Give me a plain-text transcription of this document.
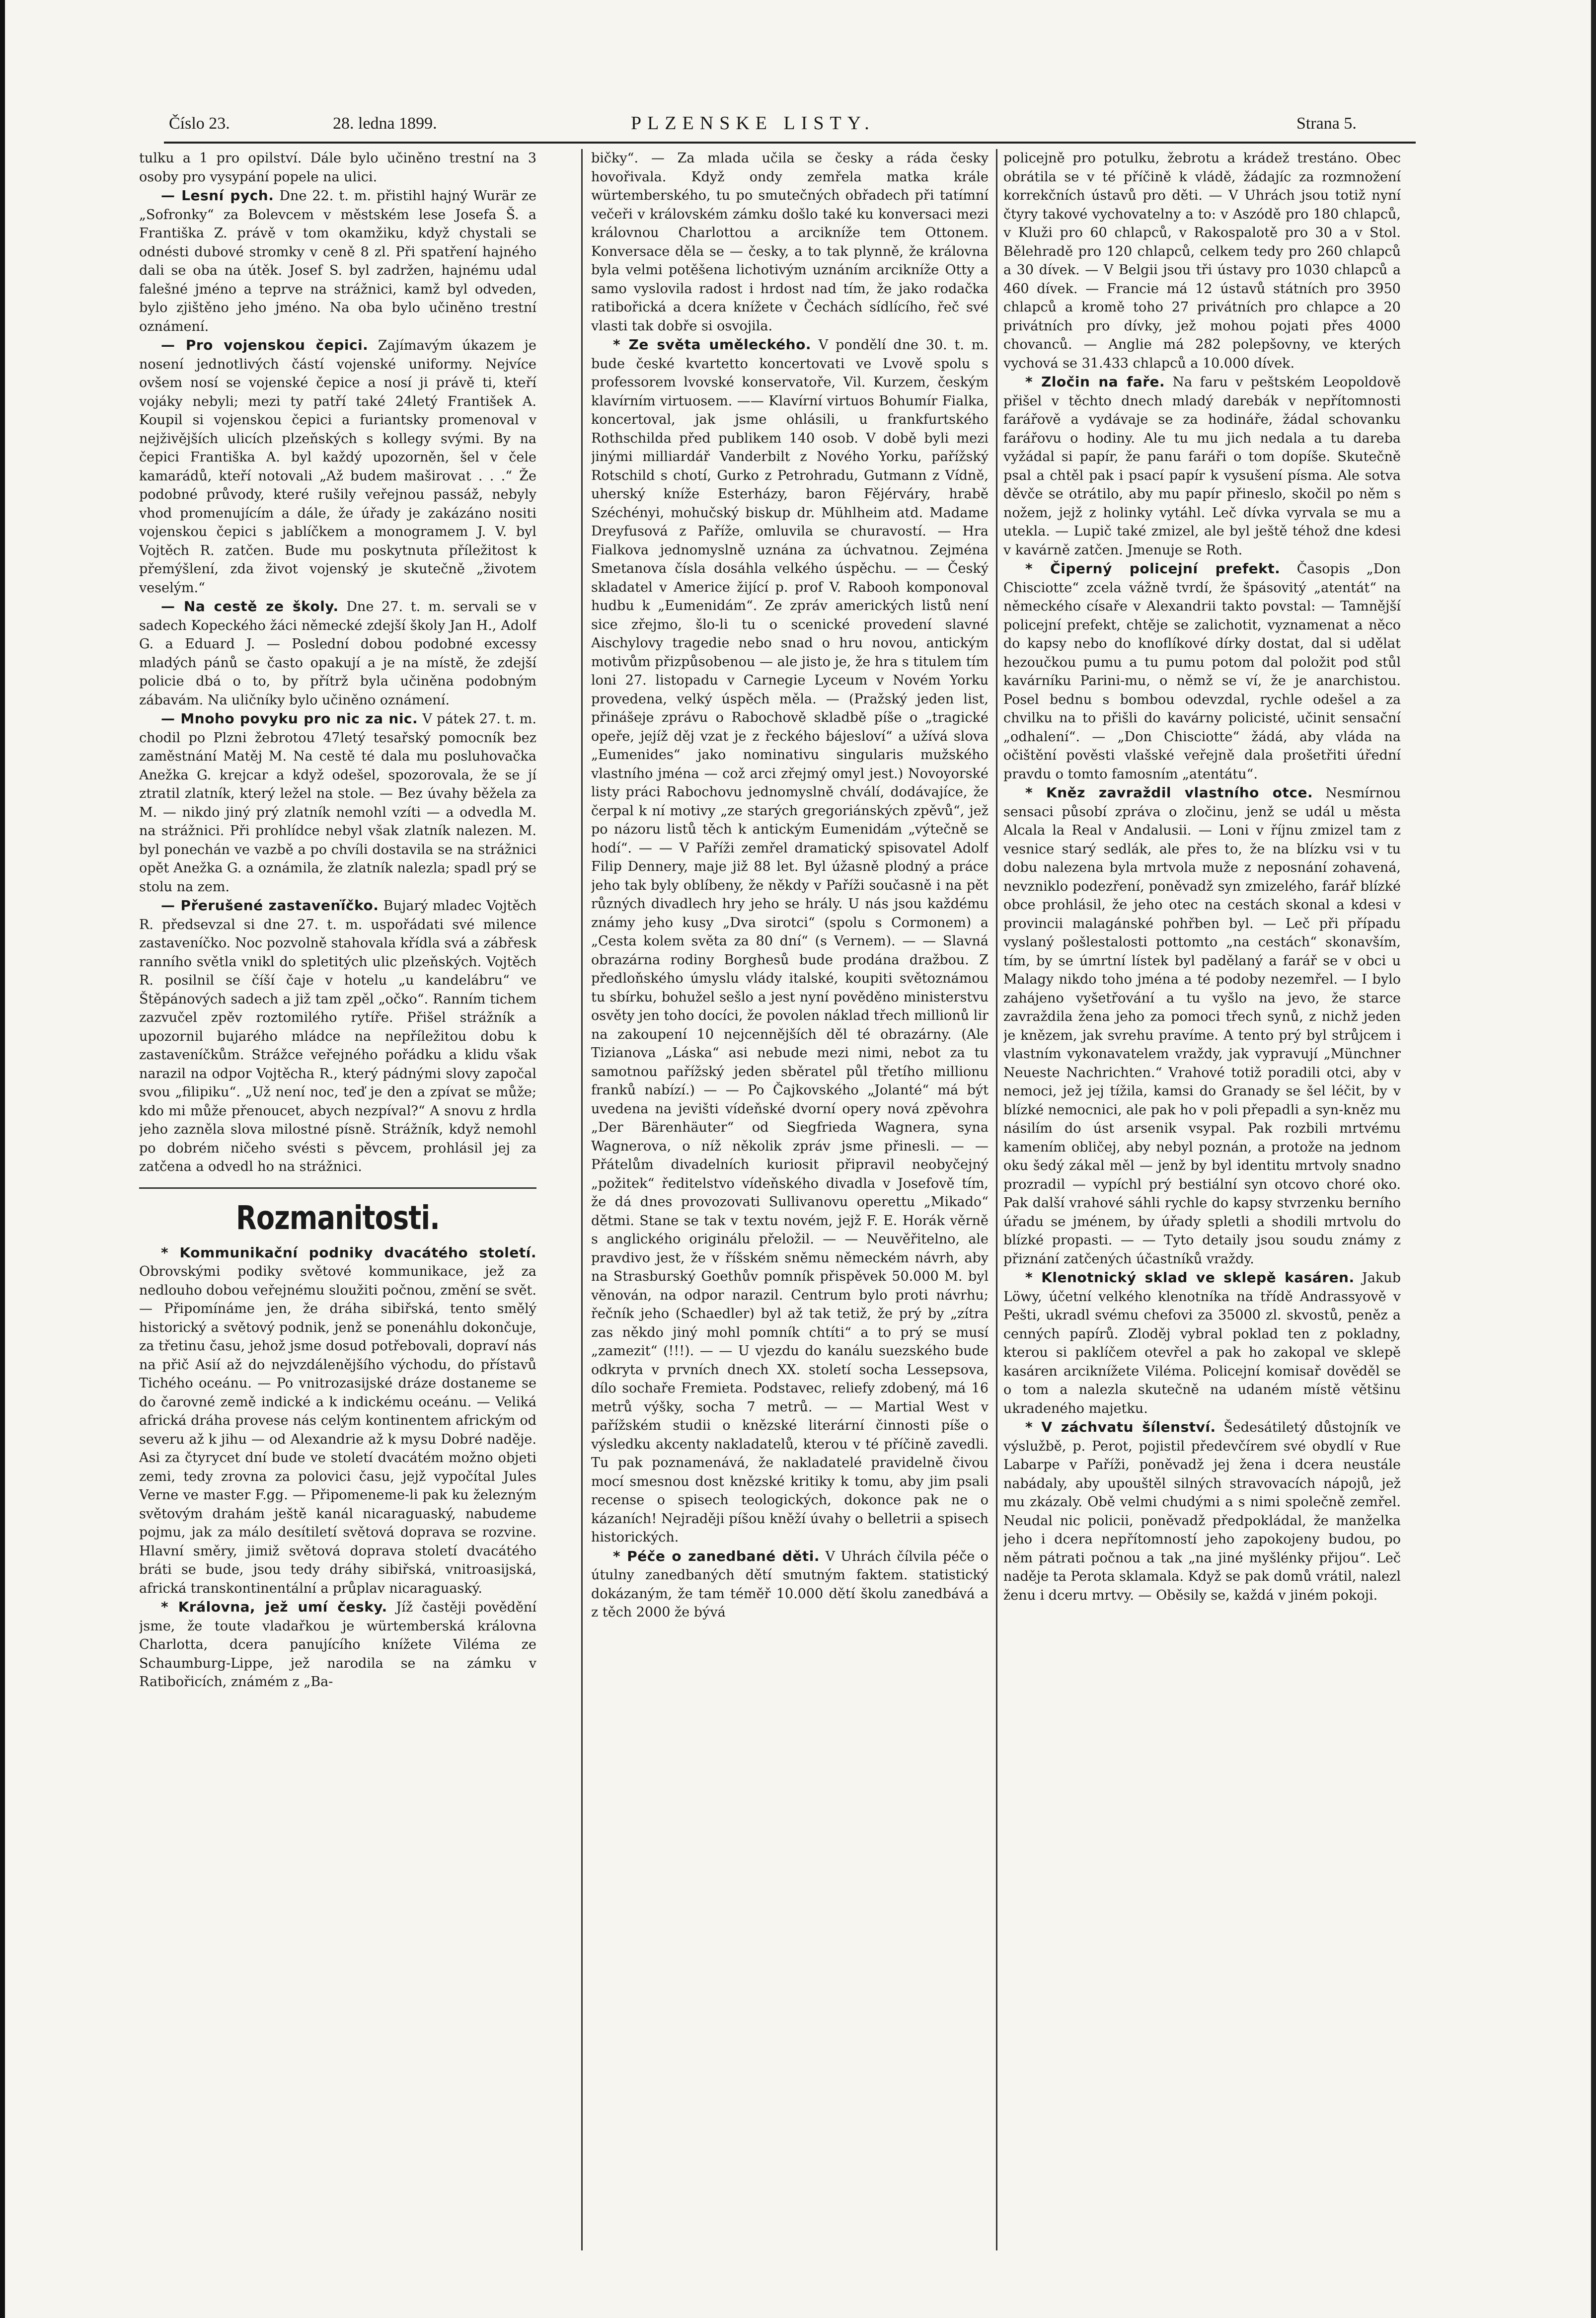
Číslo 23.	28. ledna 1899.	PLZENSKE LISTY.	Strana 5.

tulku a 1 pro opilství. Dále bylo učiněno trestní na 3 osoby pro vysypání popele na ulici.

— Lesní pych. Dne 22. t. m. přistihl hajný Wurär ze „Sofronky“ za Bolevcem v městském lese Josefa Š. a Františka Z. právě v tom okamžiku, když chystali se odnésti dubové stromky v ceně 8 zl. Při spatření hajného dali se oba na útěk. Josef S. byl zadržen, hajnému udal falešné jméno a teprve na strážnici, kamž byl odveden, bylo zjištěno jeho jméno. Na oba bylo učiněno trestní oznámení.

— Pro vojenskou čepici. Zajímavým úkazem je nosení jednotlivých částí vojenské uniformy. Nejvíce ovšem nosí se vojenské čepice a nosí ji právě ti, kteří vojáky nebyli; mezi ty patří také 24letý František A. Koupil si vojenskou čepici a furiantsky promenoval v nejživějších ulicích plzeňských s kollegy svými. By na čepici Františka A. byl každý upozorněn, šel v čele kamarádů, kteří notovali „Až budem maširovat . . .“ Že podobné průvody, které rušily veřejnou passáž, nebyly vhod promenujícím a dále, že úřady je zakázáno nositi vojenskou čepici s jablíčkem a monogramem J. V. byl Vojtěch R. zatčen. Bude mu poskytnuta příležitost k přemýšlení, zda život vojenský je skutečně „životem veselým.“

— Na cestě ze školy. Dne 27. t. m. servali se v sadech Kopeckého žáci německé zdejší školy Jan H., Adolf G. a Eduard J. — Poslední dobou podobné excessy mladých pánů se často opakují a je na místě, že zdejší policie dbá o to, by přítrž byla učiněna podobným zábavám. Na uličníky bylo učiněno oznámení.

— Mnoho povyku pro nic za nic. V pátek 27. t. m. chodil po Plzni žebrotou 47letý tesařský pomocník bez zaměstnání Matěj M. Na cestě té dala mu posluhovačka Anežka G. krejcar a když odešel, spozorovala, že se jí ztratil zlatník, který ležel na stole. — Bez úvahy běžela za M. — nikdo jiný prý zlatník nemohl vzíti — a odvedla M. na strážnici. Při prohlídce nebyl však zlatník nalezen. M. byl ponechán ve vazbě a po chvíli dostavila se na strážnici opět Anežka G. a oznámila, že zlatník nalezla; spadl prý se stolu na zem.

— Přerušené zastavení̈čko. Bujarý mladec Vojtěch R. předsevzal si dne 27. t. m. uspořádati své milence zastaveníčko. Noc pozvolně stahovala křídla svá a zábřesk ranního světla vnikl do spletitých ulic plzeňských. Vojtěch R. posilnil se číší čaje v hotelu „u kandelábru“ ve Štěpánových sadech a již tam zpěl „očko“. Ranním tichem zazvučel zpěv roztomilého rytíře. Přišel strážník a upozornil bujarého mládce na nepříležitou dobu k zastaveníčkům. Strážce veřejného pořádku a klidu však narazil na odpor Vojtěcha R., který pádnými slovy započal svou „filipiku“. „Už není noc, teď je den a zpívat se může; kdo mi může přenoucet, abych nezpíval?“ A snovu z hrdla jeho zazněla slova milostné písně. Strážník, když nemohl po dobrém ničeho svésti s pěvcem, prohlásil jej za zatčena a odvedl ho na strážnici.

Rozmanitosti.

* Kommunikační podniky dvacátého století. Obrovskými podiky světové kommunikace, jež za nedlouho dobou veřejnému sloužiti počnou, změní se svět. — Připomínáme jen, že dráha sibiřská, tento smělý historický a světový podnik, jenž se ponenáhlu dokončuje, za třetinu času, jehož jsme dosud potřebovali, dopraví nás na přič Asií až do nejvzdálenějšího východu, do přístavů Tichého oceánu. — Po vnitrozasijské dráze dostaneme se do čarovné země indické a k indickému oceánu. — Veliká africká dráha provese nás celým kontinentem africkým od severu až k jihu — od Alexandrie až k mysu Dobré naděje. Asi za čtyrycet dní bude ve století dvacátém možno objeti zemi, tedy zrovna za polovici času, jejž vypočítal Jules Verne ve master F.gg. — Připomeneme-li pak ku železným světovým drahám ještě kanál nicaraguaský, nabudeme pojmu, jak za málo desítiletí světová doprava se rozvine. Hlavní směry, jimiž světová doprava století dvacátého bráti se bude, jsou tedy dráhy sibiřská, vnitroasijská, africká transkontinentální a průplav nicaraguaský.

* Královna, jež umí česky. Jíž častěji povědění jsme, že toute vladařkou je würtemberská královna Charlotta, dcera panujícího knížete Viléma ze Schaumburg-Lippe, jež narodila se na zámku v Ratibořicích, známém z „Ba-

bičky“. — Za mlada učila se česky a ráda česky hovořivala. Když ondy zemřela matka krále würtemberského, tu po smutečných obřadech při tatímní večeři v královském zámku došlo také ku konversaci mezi královnou Charlottou a arcikníže tem Ottonem. Konversace děla se — česky, a to tak plynně, že královna byla velmi potěšena lichotivým uznáním arcikníže Otty a samo vyslovila radost i hrdost nad tím, že jako rodačka ratibořická a dcera knížete v Čechách sídlícího, řeč své vlasti tak dobře si osvojila.

* Ze světa uměleckého. V pondělí dne 30. t. m. bude české kvartetto koncertovati ve Lvově spolu s professorem lvovské konservatoře, Vil. Kurzem, českým klavírním virtuosem. —— Klavírní virtuos Bohumír Fialka, koncertoval, jak jsme ohlásili, u frankfurtského Rothschilda před publikem 140 osob. V době byli mezi jinými milliardář Vanderbilt z Nového Yorku, pařížský Rotschild s chotí, Gurko z Petrohradu, Gutmann z Vídně, uherský kníže Esterházy, baron Fějérváry, hrabě Széchényi, mohučský biskup dr. Mühlheim atd. Madame Dreyfusová z Paříže, omluvila se churavostí. — Hra Fialkova jednomyslně uznána za úchvatnou. Zejména Smetanova čísla dosáhla velkého úspěchu. — — Český skladatel v Americe žijící p. prof V. Rabooh komponoval hudbu k „Eumenidám“. Ze zpráv amerických listů není sice zřejmo, šlo-li tu o scenické provedení slavné Aischylovy tragedie nebo snad o hru novou, antickým motivům přizpůsobenou — ale jisto je, že hra s titulem tím loni 27. listopadu v Carnegie Lyceum v Novém Yorku provedena, velký úspěch měla. — (Pražský jeden list, přinášeje zprávu o Rabochově skladbě píše o „tragické opeře, jejíž děj vzat je z řeckého bájesloví“ a užívá slova „Eumenides“ jako nominativu singularis mužského vlastního jména — což arci zřejmý omyl jest.) Novoyorské listy práci Rabochovu jednomyslně chválí, dodávajíce, že čerpal k ní motivy „ze starých gregoriánských zpěvů“, jež po názoru listů těch k antickým Eumenidám „výtečně se hodí“. — — V Paříži zemřel dramatický spisovatel Adolf Filip Dennery, maje již 88 let. Byl úžasně plodný a práce jeho tak byly oblíbeny, že někdy v Paříži současně i na pět různých divadlech hry jeho se hrály. U nás jsou každému známy jeho kusy „Dva sirotci“ (spolu s Cormonem) a „Cesta kolem světa za 80 dní“ (s Vernem). — — Slavná obrazárna rodiny Borghesů bude prodána dražbou. Z předloňského úmyslu vlády italské, koupiti světoznámou tu sbírku, bohužel sešlo a jest nyní pověděno ministerstvu osvěty jen toho docíci, že povolen náklad třech millionů lir na zakoupení 10 nejcennějších děl té obrazárny. (Ale Tizianova „Láska“ asi nebude mezi nimi, nebot za tu samotnou pařížský jeden sběratel půl třetího millionu franků nabízí.) — — Po Čajkovského „Jolanté“ má být uvedena na jevišti vídeňské dvorní opery nová zpěvohra „Der Bärenhäuter“ od Siegfrieda Wagnera, syna Wagnerova, o níž několik zpráv jsme přinesli. — — Přátelům divadelních kuriosit připravil neobyčejný „požitek“ ředitelstvo vídeňského divadla v Josefově tím, že dá dnes provozovati Sullivanovu operettu „Mikado“ dětmi. Stane se tak v textu novém, jejž F. E. Horák věrně s anglického originálu přeložil. — — Neuvěřitelno, ale pravdivo jest, že v říšském sněmu německém návrh, aby na Strasburský Goethův pomník přispěvek 50.000 M. byl věnován, na odpor narazil. Centrum bylo proti návrhu; řečník jeho (Schaedler) byl až tak tetiž, že prý by „zítra zas někdo jiný mohl pomník chtíti“ a to prý se musí „zamezit“ (!!!). — — U vjezdu do kanálu suezského bude odkryta v prvních dnech XX. století socha Lessepsova, dílo sochaře Fremieta. Podstavec, reliefy zdobený, má 16 metrů výšky, socha 7 metrů. — — Martial West v pařížském studii o knězské literární činnosti píše o výsledku akcenty nakladatelů, kterou v té příčině zavedli. Tu pak poznamenává, že nakladatelé pravidelně čivou mocí smesnou dost knězské kritiky k tomu, aby jim psali recense o spisech teologických, dokonce pak ne o kázaních! Nejraději píšou kněží úvahy o belletrii a spisech historických.

* Péče o zanedbané děti. V Uhrách čílvila péče o útulny zanedbaných dětí smutným faktem. statistický dokázaným, že tam téměř 10.000 dětí školu zanedbává a z těch 2000 že bývá

policejně pro potulku, žebrotu a krádež trestáno. Obec obrátila se v té příčině k vládě, žádajíc za rozmnožení korrekčních ústavů pro děti. — V Uhrách jsou totiž nyní čtyry takové vychovatelny a to: v Aszódě pro 180 chlapců, v Kluži pro 60 chlapců, v Rakospalotě pro 30 a v Stol. Bělehradě pro 120 chlapců, celkem tedy pro 260 chlapců a 30 dívek. — V Belgii jsou tři ústavy pro 1030 chlapců a 460 dívek. — Francie má 12 ústavů státních pro 3950 chlapců a kromě toho 27 privátních pro chlapce a 20 privátních pro dívky, jež mohou pojati přes 4000 chovanců. — Anglie má 282 polepšovny, ve kterých vychová se 31.433 chlapců a 10.000 dívek.

* Zločin na faře. Na faru v peštském Leopoldově přišel v těchto dnech mladý darebák v nepřítomnosti farářově a vydávaje se za hodináře, žádal schovanku farářovu o hodiny. Ale tu mu jich nedala a tu dareba vyžádal si papír, že panu faráři o tom dopíše. Skutečně psal a chtěl pak i psací papír k vysušení písma. Ale sotva děvče se otrátilo, aby mu papír přineslo, skočil po něm s nožem, jejž z holinky vytáhl. Leč dívka vyrvala se mu a utekla. — Lupič také zmizel, ale byl ještě téhož dne kdesi v kavárně zatčen. Jmenuje se Roth.

* Čiperný policejní prefekt. Časopis „Don Chisciotte“ zcela vážně tvrdí, že špásovitý „atentát“ na německého císaře v Alexandrii takto povstal: — Tamnější policejní prefekt, chtěje se zalichotit, vyznamenat a něco do kapsy nebo do knoflíkové dírky dostat, dal si udělat hezoučkou pumu a tu pumu potom dal položit pod stůl kavárníku Parini-mu, o němž se ví, že je anarchistou. Posel bednu s bombou odevzdal, rychle odešel a za chvilku na to přišli do kavárny policisté, učinit sensační „odhalení“. — „Don Chisciotte“ žádá, aby vláda na očištění pověsti vlašské veřejně dala prošetřiti úřední pravdu o tomto famosním „atentátu“.

* Kněz zavraždil vlastního otce. Nesmírnou sensaci působí zpráva o zločinu, jenž se udál u města Alcala la Real v Andalusii. — Loni v říjnu zmizel tam z vesnice starý sedlák, ale přes to, že na blízku vsi v tu dobu nalezena byla mrtvola muže z neposnání zohavená, nevzniklo podezření, poněvadž syn zmizelého, farář blízké obce prohlásil, že jeho otec na cestách skonal a kdesi v provincii malagánské pohřben byl. — Leč při případu vyslaný pošlestalosti pottomto „na cestách“ skonavším, tím, by se úmrtní lístek byl padělaný a farář se v obci u Malagy nikdo toho jména a té podoby nezemřel. — I bylo zahájeno vyšetřování a tu vyšlo na jevo, že starce zavraždila žena jeho za pomoci třech synů, z nichž jeden je knězem, jak svrehu pravíme. A tento prý byl strůjcem i vlastním vykonavatelem vraždy, jak vypravují „Münchner Neueste Nachrichten.“ Vrahové totiž poradili otci, aby v nemoci, jež jej tížila, kamsi do Granady se šel léčit, by v blízké nemocnici, ale pak ho v poli přepadli a syn-kněz mu násilím do úst arsenik vsypal. Pak rozbili mrtvému kamením obličej, aby nebyl poznán, a protože na jednom oku šedý zákal měl — jenž by byl identitu mrtvoly snadno prozradil — vypíchl prý bestiální syn otcovo choré oko. Pak další vrahové sáhli rychle do kapsy stvrzenku berního úřadu se jménem, by úřady spletli a shodili mrtvolu do blízké propasti. — — Tyto detaily jsou soudu známy z přiznání zatčených účastníků vraždy.

* Klenotnický sklad ve sklepě kasáren. Jakub Löwy, účetní velkého klenotníka na třídě Andrassyově v Pešti, ukradl svému chefovi za 35000 zl. skvostů, peněz a cenných papírů. Zloděj vybral poklad ten z pokladny, kterou si paklíčem otevřel a pak ho zakopal ve sklepě kasáren arciknížete Viléma. Policejní komisař dověděl se o tom a nalezla skutečně na udaném místě většinu ukradeného majetku.

* V záchvatu šílenství. Šedesátiletý důstojník ve výslužbě, p. Perot, pojistil předevčírem své obydlí v Rue Labarpe v Paříži, poněvadž jej žena i dcera neustále nabádaly, aby upouštěl silných stravovacích nápojů, jež mu zkázaly. Obě velmi chudými a s nimi společně zemřel. Neudal nic policii, poněvadž předpokládal, že manželka jeho i dcera nepřítomností jeho zapokojeny budou, po něm pátrati počnou a tak „na jiné myšlénky přijou“. Leč naděje ta Perota sklamala. Když se pak domů vrátil, nalezl ženu i dceru mrtvy. — Oběsily se, každá v jiném pokoji.
